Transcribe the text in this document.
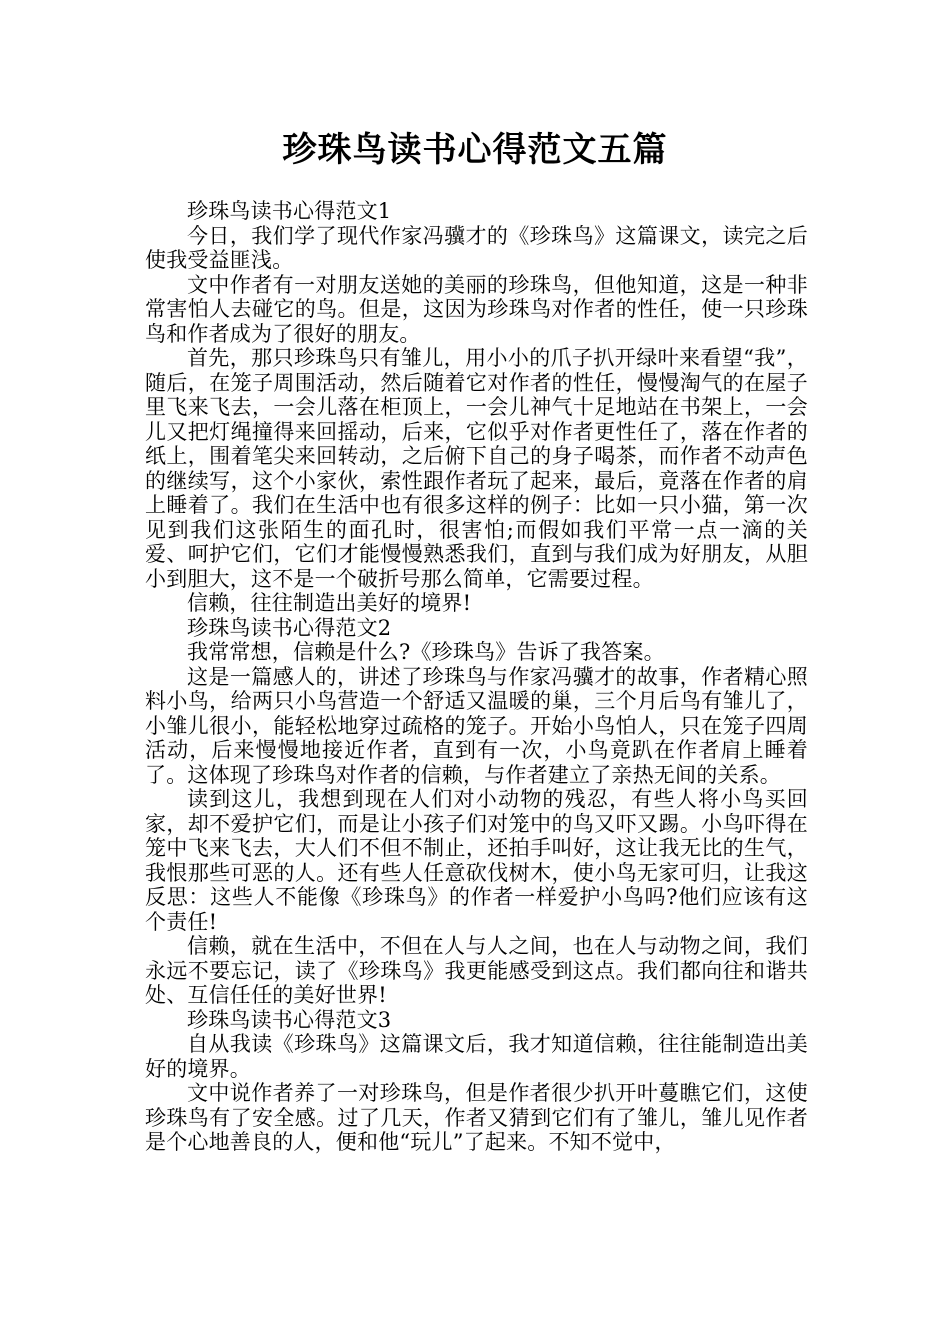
珍珠鸟读书心得范文五篇

珍珠鸟读书心得范文1

今日，我们学了现代作家冯骥才的《珍珠鸟》这篇课文，读完之后使我受益匪浅。

文中作者有一对朋友送她的美丽的珍珠鸟，但他知道，这是一种非常害怕人去碰它的鸟。但是，这因为珍珠鸟对作者的性任，使一只珍珠鸟和作者成为了很好的朋友。

首先，那只珍珠鸟只有雏儿，用小小的爪子扒开绿叶来看望“我”，随后，在笼子周围活动，然后随着它对作者的性任，慢慢淘气的在屋子里飞来飞去，一会儿落在柜顶上，一会儿神气十足地站在书架上，一会儿又把灯绳撞得来回摇动，后来，它似乎对作者更性任了，落在作者的纸上，围着笔尖来回转动，之后俯下自己的身子喝茶，而作者不动声色的继续写，这个小家伙，索性跟作者玩了起来，最后，竟落在作者的肩上睡着了。我们在生活中也有很多这样的例子：比如一只小猫，第一次见到我们这张陌生的面孔时，很害怕;而假如我们平常一点一滴的关爱、呵护它们，它们才能慢慢熟悉我们，直到与我们成为好朋友，从胆小到胆大，这不是一个破折号那么简单，它需要过程。

信赖，往往制造出美好的境界!

珍珠鸟读书心得范文2

我常常想，信赖是什么?《珍珠鸟》告诉了我答案。

这是一篇感人的，讲述了珍珠鸟与作家冯骥才的故事，作者精心照料小鸟，给两只小鸟营造一个舒适又温暖的巢，三个月后鸟有雏儿了，小雏儿很小，能轻松地穿过疏格的笼子。开始小鸟怕人，只在笼子四周活动，后来慢慢地接近作者，直到有一次，小鸟竟趴在作者肩上睡着了。这体现了珍珠鸟对作者的信赖，与作者建立了亲热无间的关系。

读到这儿，我想到现在人们对小动物的残忍，有些人将小鸟买回家，却不爱护它们，而是让小孩子们对笼中的鸟又吓又踢。小鸟吓得在笼中飞来飞去，大人们不但不制止，还拍手叫好，这让我无比的生气，我恨那些可恶的人。还有些人任意砍伐树木，使小鸟无家可归，让我这反思：这些人不能像《珍珠鸟》的作者一样爱护小鸟吗?他们应该有这个责任!

信赖，就在生活中，不但在人与人之间，也在人与动物之间，我们永远不要忘记，读了《珍珠鸟》我更能感受到这点。我们都向往和谐共处、互信任任的美好世界!

珍珠鸟读书心得范文3

自从我读《珍珠鸟》这篇课文后，我才知道信赖，往往能制造出美好的境界。

文中说作者养了一对珍珠鸟，但是作者很少扒开叶蔓瞧它们，这使珍珠鸟有了安全感。过了几天，作者又猜到它们有了雏儿，雏儿见作者是个心地善良的人，便和他“玩儿”了起来。不知不觉中，
